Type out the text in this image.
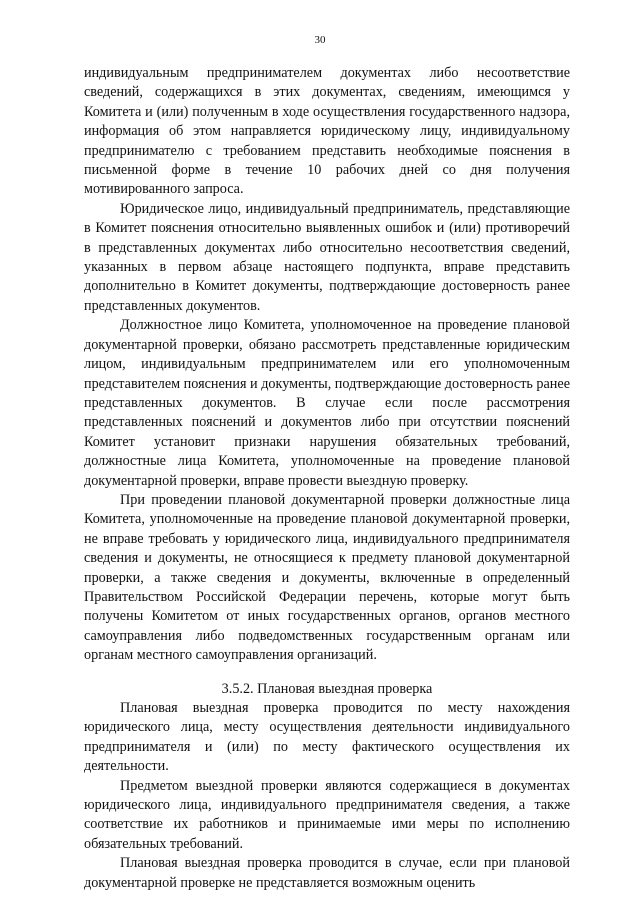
30

индивидуальным предпринимателем документах либо несоответствие сведений, содержащихся в этих документах, сведениям, имеющимся у Комитета и (или) полученным в ходе осуществления государственного надзора, информация об этом направляется юридическому лицу, индивидуальному предпринимателю с требованием представить необходимые пояснения в письменной форме в течение 10 рабочих дней со дня получения мотивированного запроса.

Юридическое лицо, индивидуальный предприниматель, представляющие в Комитет пояснения относительно выявленных ошибок и (или) противоречий в представленных документах либо относительно несоответствия сведений, указанных в первом абзаце настоящего подпункта, вправе представить дополнительно в Комитет документы, подтверждающие достоверность ранее представленных документов.

Должностное лицо Комитета, уполномоченное на проведение плановой документарной проверки, обязано рассмотреть представленные юридическим лицом, индивидуальным предпринимателем или его уполномоченным представителем пояснения и документы, подтверждающие достоверность ранее представленных документов. В случае если после рассмотрения представленных пояснений и документов либо при отсутствии пояснений Комитет установит признаки нарушения обязательных требований, должностные лица Комитета, уполномоченные на проведение плановой документарной проверки, вправе провести выездную проверку.

При проведении плановой документарной проверки должностные лица Комитета, уполномоченные на проведение плановой документарной проверки, не вправе требовать у юридического лица, индивидуального предпринимателя сведения и документы, не относящиеся к предмету плановой документарной проверки, а также сведения и документы, включенные в определенный Правительством Российской Федерации перечень, которые могут быть получены Комитетом от иных государственных органов, органов местного самоуправления либо подведомственных государственным органам или органам местного самоуправления организаций.

3.5.2. Плановая выездная проверка

Плановая выездная проверка проводится по месту нахождения юридического лица, месту осуществления деятельности индивидуального предпринимателя и (или) по месту фактического осуществления их деятельности.

Предметом выездной проверки являются содержащиеся в документах юридического лица, индивидуального предпринимателя сведения, а также соответствие их работников и принимаемые ими меры по исполнению обязательных требований.

Плановая выездная проверка проводится в случае, если при плановой документарной проверке не представляется возможным оценить
